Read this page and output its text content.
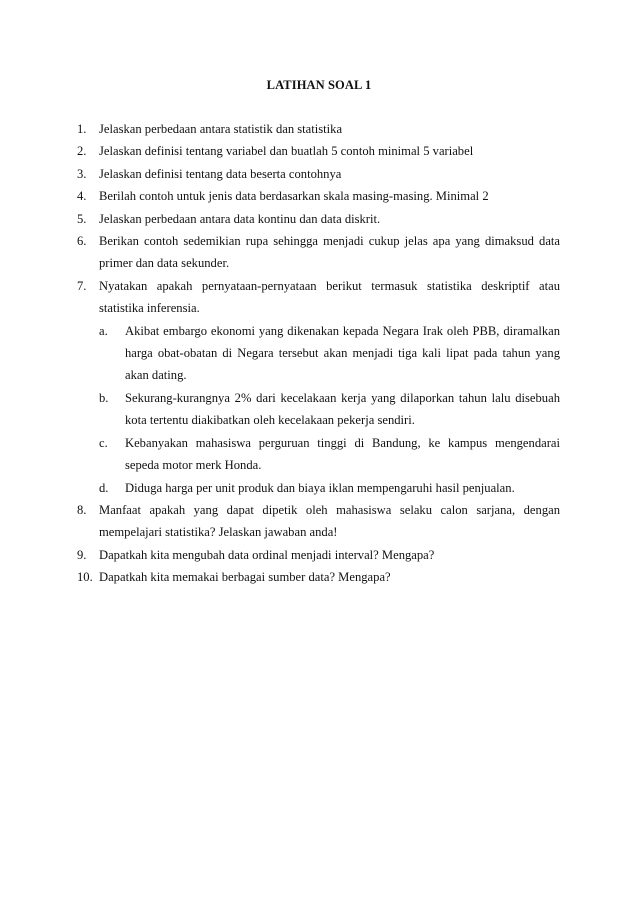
LATIHAN SOAL 1
1. Jelaskan perbedaan antara statistik dan statistika
2. Jelaskan definisi tentang variabel dan buatlah 5 contoh minimal 5 variabel
3. Jelaskan definisi tentang data beserta contohnya
4. Berilah contoh untuk jenis data berdasarkan skala masing-masing. Minimal 2
5. Jelaskan perbedaan antara data kontinu dan data diskrit.
6. Berikan contoh sedemikian rupa sehingga menjadi cukup jelas apa yang dimaksud data primer dan data sekunder.
7. Nyatakan apakah pernyataan-pernyataan berikut termasuk statistika deskriptif atau statistika inferensia.
a.	Akibat embargo ekonomi yang dikenakan kepada Negara Irak oleh PBB, diramalkan harga obat-obatan di Negara tersebut akan menjadi tiga kali lipat pada tahun yang akan dating.
b.	Sekurang-kurangnya 2% dari kecelakaan kerja yang dilaporkan tahun lalu disebuah kota tertentu diakibatkan oleh kecelakaan pekerja sendiri.
c.	Kebanyakan mahasiswa perguruan tinggi di Bandung, ke kampus mengendarai sepeda motor merk Honda.
d.	Diduga harga per unit produk dan biaya iklan mempengaruhi hasil penjualan.
8. Manfaat apakah yang dapat dipetik oleh mahasiswa selaku calon sarjana, dengan mempelajari statistika? Jelaskan jawaban anda!
9. Dapatkah kita mengubah data ordinal menjadi interval? Mengapa?
10. Dapatkah kita memakai berbagai sumber data? Mengapa?
